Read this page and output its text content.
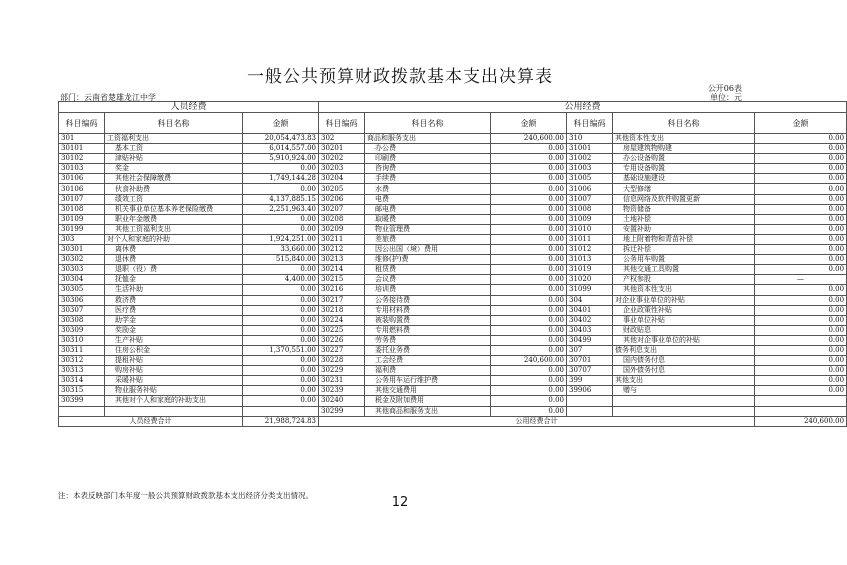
一般公共预算财政拨款基本支出决算表
公开06表
部门：云南省楚雄龙江中学	单位：元
人员经费			公用经费					
科目编码	科目名称	金额	科目编码	科目名称	金额	科目编码	科目名称	金额
301	工资福利支出	20,054,473.83	302	商品和服务支出	240,600.00	310	其他资本性支出	0.00
30101	基本工资	6,014,557.00	30201	办公费	0.00	31001	房屋建筑物购建	0.00
30102	津贴补贴	5,910,924.00	30202	印刷费	0.00	31002	办公设备购置	0.00
30103	奖金	0.00	30203	咨询费	0.00	31003	专用设备购置	0.00
30106	其他社会保障缴费	1,749,144.28	30204	手续费	0.00	31005	基础设施建设	0.00
30106	伙食补助费	0.00	30205	水费	0.00	31006	大型修缮	0.00
30107	绩效工资	4,137,885.15	30206	电费	0.00	31007	信息网络及软件购置更新	0.00
30108	机关事业单位基本养老保险缴费	2,251,963.40	30207	邮电费	0.00	31008	物资储备	0.00
30109	职业年金缴费	0.00	30208	取暖费	0.00	31009	土地补偿	0.00
30199	其他工资福利支出	0.00	30209	物业管理费	0.00	31010	安置补助	0.00
303	对个人和家庭的补助	1,924,251.00	30211	差旅费	0.00	31011	地上附着物和青苗补偿	0.00
30301	离休费	33,660.00	30212	因公出国（境）费用	0.00	31012	拆迁补偿	0.00
30302	退休费	515,840.00	30213	维修(护)费	0.00	31013	公务用车购置	0.00
30303	退职（役）费	0.00	30214	租赁费	0.00	31019	其他交通工具购置	0.00
30304	抚恤金	4,400.00	30215	会议费	0.00	31020	产权参股	—
30305	生活补助	0.00	30216	培训费	0.00	31099	其他资本性支出	0.00
30306	救济费	0.00	30217	公务接待费	0.00	304	对企业事业单位的补贴	0.00
30307	医疗费	0.00	30218	专用材料费	0.00	30401	企业政策性补贴	0.00
30308	助学金	0.00	30224	被装购置费	0.00	30402	事业单位补贴	0.00
30309	奖励金	0.00	30225	专用燃料费	0.00	30403	财政贴息	0.00
30310	生产补贴	0.00	30226	劳务费	0.00	30499	其他对企事业单位的补贴	0.00
30311	住房公积金	1,370,551.00	30227	委托业务费	0.00	307	债务利息支出	0.00
30312	提租补贴	0.00	30228	工会经费	240,600.00	30701	国内债务付息	0.00
30313	购房补贴	0.00	30229	福利费	0.00	30707	国外债务付息	0.00
30314	采暖补贴	0.00	30231	公务用车运行维护费	0.00	399	其他支出	0.00
30315	物业服务补贴	0.00	30239	其他交通费用	0.00	39906	赠与	0.00
30399	其他对个人和家庭的补助支出	0.00	30240	税金及附加费用	0.00			
			30299	其他商品和服务支出	0.00			
人员经费合计		21,988,724.83	公用经费合计					240,600.00
注：本表反映部门本年度一般公共预算财政拨款基本支出经济分类支出情况。	12
